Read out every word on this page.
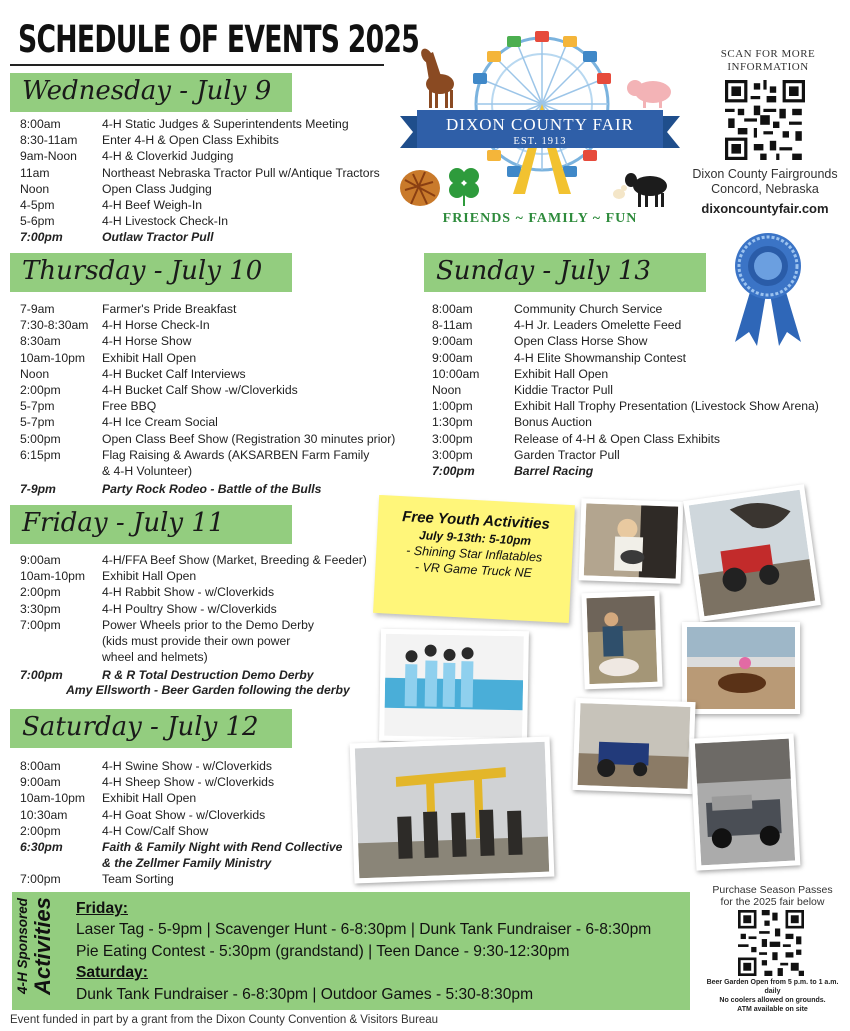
SCHEDULE OF EVENTS 2025
Wednesday - July 9
8:00am	4-H Static Judges & Superintendents Meeting
8:30-11am	Enter 4-H & Open Class Exhibits
9am-Noon	4-H & Cloverkid Judging
11am	Northeast Nebraska Tractor Pull w/Antique Tractors
Noon	Open Class Judging
4-5pm	4-H Beef Weigh-In
5-6pm	4-H Livestock Check-In
7:00pm	Outlaw Tractor Pull
Thursday - July 10
7-9am	Farmer's Pride Breakfast
7:30-8:30am	4-H Horse Check-In
8:30am	4-H Horse Show
10am-10pm	Exhibit Hall Open
Noon	4-H Bucket Calf Interviews
2:00pm	4-H Bucket Calf Show -w/Cloverkids
5-7pm	Free BBQ
5-7pm	4-H Ice Cream Social
5:00pm	Open Class Beef Show (Registration 30 minutes prior)
6:15pm	Flag Raising & Awards (AKSARBEN Farm Family
& 4-H Volunteer)
7-9pm	Party Rock Rodeo - Battle of the Bulls
Friday - July 11
9:00am	4-H/FFA Beef Show (Market, Breeding & Feeder)
10am-10pm	Exhibit Hall Open
2:00pm	4-H Rabbit Show - w/Cloverkids
3:30pm	4-H Poultry Show - w/Cloverkids
7:00pm	Power Wheels prior to the Demo Derby
(kids must provide their own power
wheel and helmets)
7:00pm	R & R Total Destruction Demo Derby
Amy Ellsworth - Beer Garden following the derby
Saturday - July 12
8:00am	4-H Swine Show - w/Cloverkids
9:00am	4-H Sheep Show - w/Cloverkids
10am-10pm	Exhibit Hall Open
10:30am	4-H Goat Show - w/Cloverkids
2:00pm	4-H Cow/Calf Show
6:30pm	Faith & Family Night with Rend Collective
& the Zellmer Family Ministry
7:00pm	Team Sorting
Sunday - July 13
8:00am	Community Church Service
8-11am	4-H Jr. Leaders Omelette Feed
9:00am	Open Class Horse Show
9:00am	4-H Elite Showmanship Contest
10:00am	Exhibit Hall Open
Noon	Kiddie Tractor Pull
1:00pm	Exhibit Hall Trophy Presentation (Livestock Show Arena)
1:30pm	Bonus Auction
3:00pm	Release of 4-H & Open Class Exhibits
3:00pm	Garden Tractor Pull
7:00pm	Barrel Racing
DIXON COUNTY FAIR
EST. 1913
FRIENDS ~ FAMILY ~ FUN
SCAN FOR MORE
INFORMATION
Dixon County Fairgrounds
Concord, Nebraska
dixoncountyfair.com
Free Youth Activities
July 9-13th: 5-10pm
- Shining Star Inflatables
- VR Game Truck NE
4-H Sponsored Activities Friday:
Laser Tag - 5-9pm | Scavenger Hunt - 6-8:30pm | Dunk Tank Fundraiser - 6-8:30pm
Pie Eating Contest - 5:30pm (grandstand) | Teen Dance - 9:30-12:30pm
Saturday:
Dunk Tank Fundraiser - 6-8:30pm | Outdoor Games - 5:30-8:30pm
Purchase Season Passes
for the 2025 fair below
Beer Garden Open from 5 p.m. to 1 a.m. daily
No coolers allowed on grounds.
ATM available on site
Event funded in part by a grant from the Dixon County Convention & Visitors Bureau
